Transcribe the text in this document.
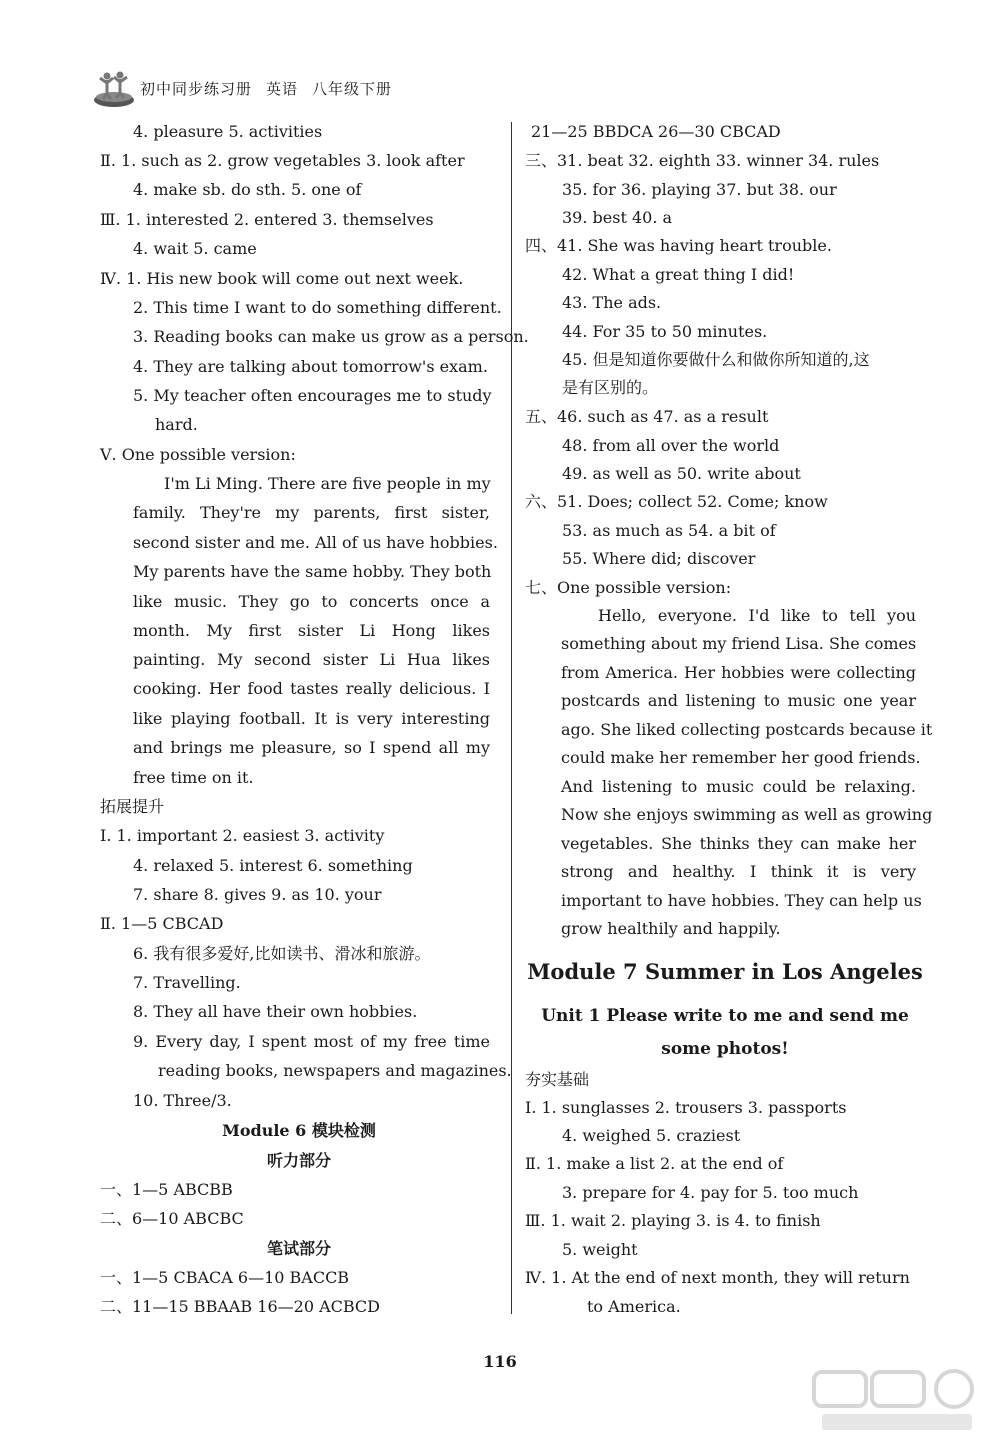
初中同步练习册 英语 八年级下册
4. pleasure 5. activities
Ⅱ. 1. such as 2. grow vegetables 3. look after
4. make sb. do sth. 5. one of
Ⅲ. 1. interested 2. entered 3. themselves
4. wait 5. came
Ⅳ. 1. His new book will come out next week.
2. This time I want to do something different.
3. Reading books can make us grow as a person.
4. They are talking about tomorrow's exam.
5. My teacher often encourages me to study
hard.
Ⅴ. One possible version:
I'm Li Ming. There are five people in my
family. They're my parents, first sister,
second sister and me. All of us have hobbies.
My parents have the same hobby. They both
like music. They go to concerts once a
month. My first sister Li Hong likes
painting. My second sister Li Hua likes
cooking. Her food tastes really delicious. I
like playing football. It is very interesting
and brings me pleasure, so I spend all my
free time on it.
拓展提升
Ⅰ. 1. important 2. easiest 3. activity
4. relaxed 5. interest 6. something
7. share 8. gives 9. as 10. your
Ⅱ. 1—5 CBCAD
6. 我有很多爱好,比如读书、滑冰和旅游。
7. Travelling.
8. They all have their own hobbies.
9. Every day, I spent most of my free time
reading books, newspapers and magazines.
10. Three/3.
Module 6 模块检测
听力部分
一、1—5 ABCBB
二、6—10 ABCBC
笔试部分
一、1—5 CBACA 6—10 BACCB
二、11—15 BBAAB 16—20 ACBCD
21—25 BBDCA 26—30 CBCAD
三、31. beat 32. eighth 33. winner 34. rules
35. for 36. playing 37. but 38. our
39. best 40. a
四、41. She was having heart trouble.
42. What a great thing I did!
43. The ads.
44. For 35 to 50 minutes.
45. 但是知道你要做什么和做你所知道的,这
是有区别的。
五、46. such as 47. as a result
48. from all over the world
49. as well as 50. write about
六、51. Does; collect 52. Come; know
53. as much as 54. a bit of
55. Where did; discover
七、One possible version:
Hello, everyone. I'd like to tell you
something about my friend Lisa. She comes
from America. Her hobbies were collecting
postcards and listening to music one year
ago. She liked collecting postcards because it
could make her remember her good friends.
And listening to music could be relaxing.
Now she enjoys swimming as well as growing
vegetables. She thinks they can make her
strong and healthy. I think it is very
important to have hobbies. They can help us
grow healthily and happily.
Module 7 Summer in Los Angeles
Unit 1 Please write to me and send me
some photos!
夯实基础
Ⅰ. 1. sunglasses 2. trousers 3. passports
4. weighed 5. craziest
Ⅱ. 1. make a list 2. at the end of
3. prepare for 4. pay for 5. too much
Ⅲ. 1. wait 2. playing 3. is 4. to finish
5. weight
Ⅳ. 1. At the end of next month, they will return
to America.
116
